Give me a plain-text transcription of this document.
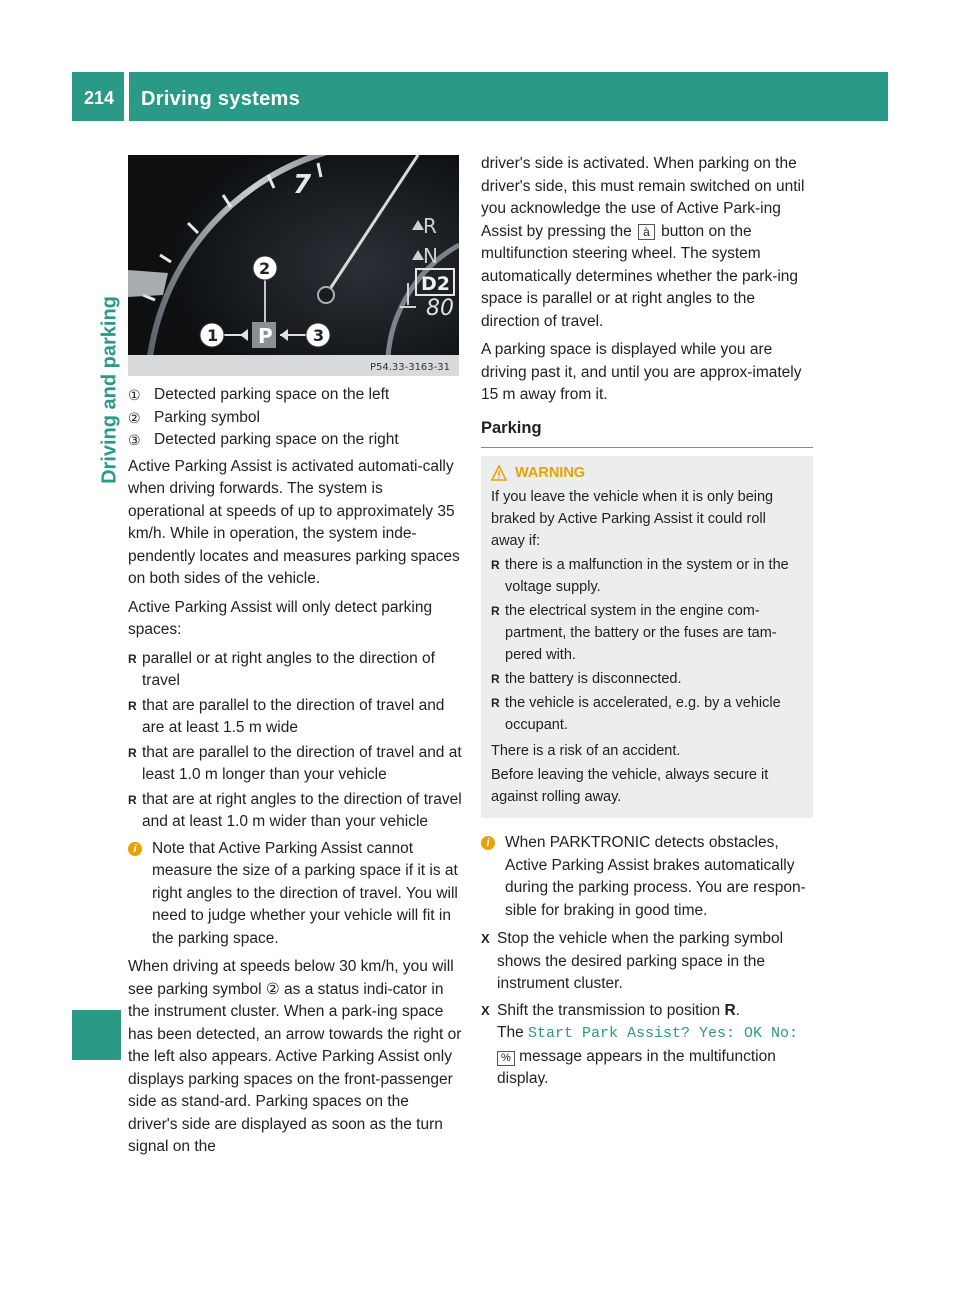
214 Driving systems
Driving and parking
7
R
N
D2
80
P
2
1	3
P54.33-3163-31
① Detected parking space on the left
② Parking symbol
③ Detected parking space on the right

Active Parking Assist is activated automati-cally when driving forwards. The system is operational at speeds of up to approximately 35 km/h. While in operation, the system inde-pendently locates and measures parking spaces on both sides of the vehicle.

Active Parking Assist will only detect parking spaces:

R parallel or at right angles to the direction of travel
R that are parallel to the direction of travel and are at least 1.5 m wide
R that are parallel to the direction of travel and at least 1.0 m longer than your vehicle
R that are at right angles to the direction of travel and at least 1.0 m wider than your vehicle
i Note that Active Parking Assist cannot measure the size of a parking space if it is at right angles to the direction of travel. You will need to judge whether your vehicle will fit in the parking space.

When driving at speeds below 30 km/h, you will see parking symbol ② as a status indi-cator in the instrument cluster. When a park-ing space has been detected, an arrow towards the right or the left also appears. Active Parking Assist only displays parking spaces on the front-passenger side as stand-ard. Parking spaces on the driver's side are displayed as soon as the turn signal on the

driver's side is activated. When parking on the driver's side, this must remain switched on until you acknowledge the use of Active Park-ing Assist by pressing the à button on the multifunction steering wheel. The system automatically determines whether the park-ing space is parallel or at right angles to the direction of travel.

A parking space is displayed while you are driving past it, and until you are approx-imately 15 m away from it.

Parking
WARNING

If you leave the vehicle when it is only being braked by Active Parking Assist it could roll away if:

R there is a malfunction in the system or in the voltage supply.
R the electrical system in the engine com-partment, the battery or the fuses are tam-pered with.
R the battery is disconnected.
R the vehicle is accelerated, e.g. by a vehicle occupant.

There is a risk of an accident.

Before leaving the vehicle, always secure it against rolling away.

i When PARKTRONIC detects obstacles, Active Parking Assist brakes automatically during the parking process. You are respon-sible for braking in good time.
X Stop the vehicle when the parking symbol shows the desired parking space in the instrument cluster.
X Shift the transmission to position R.
The Start Park Assist? Yes: OK No:
% message appears in the multifunction display.
